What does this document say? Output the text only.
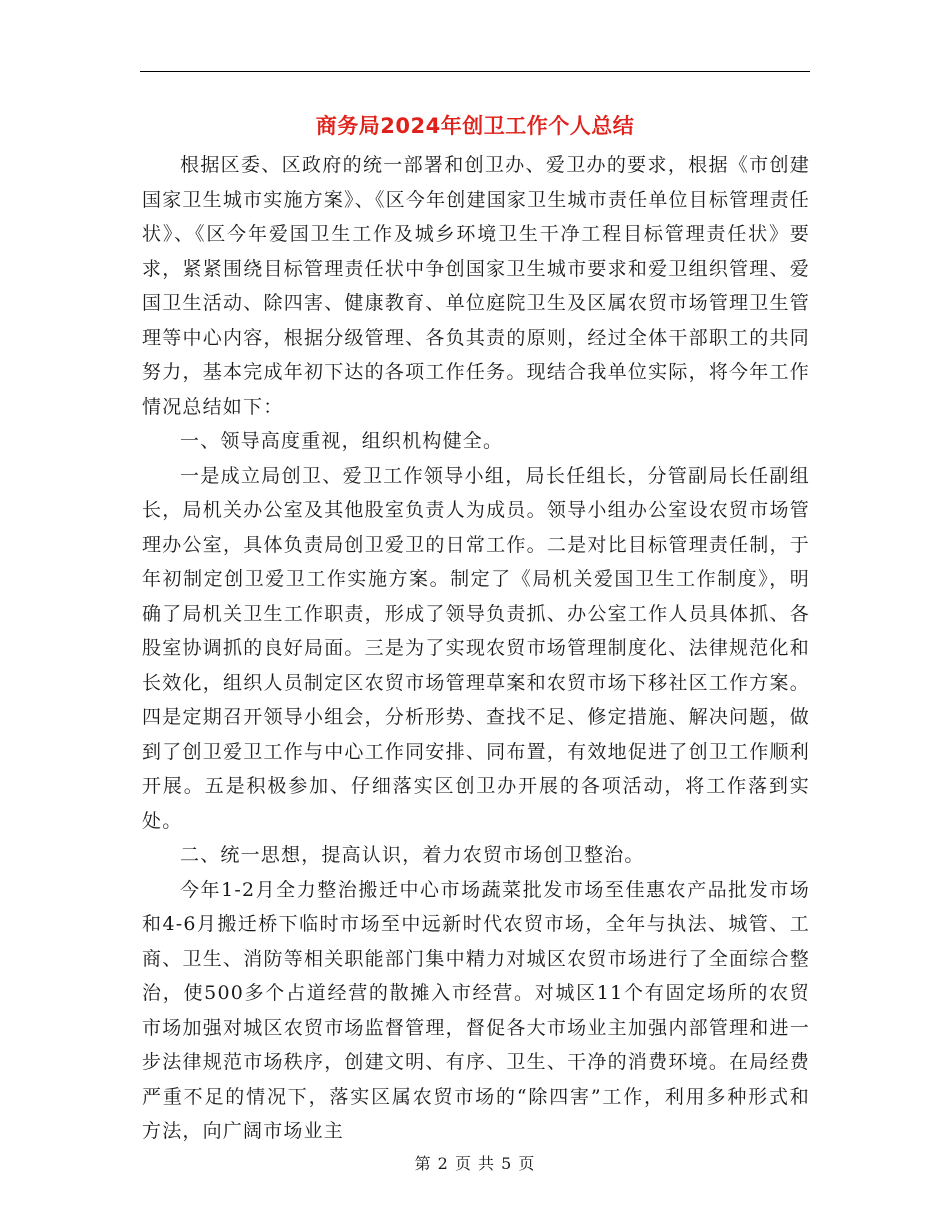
商务局2024年创卫工作个人总结

根据区委、区政府的统一部署和创卫办、爱卫办的要求，根据《市创建国家卫生城市实施方案》、《区今年创建国家卫生城市责任单位目标管理责任状》、《区今年爱国卫生工作及城乡环境卫生干净工程目标管理责任状》要求，紧紧围绕目标管理责任状中争创国家卫生城市要求和爱卫组织管理、爱国卫生活动、除四害、健康教育、单位庭院卫生及区属农贸市场管理卫生管理等中心内容，根据分级管理、各负其责的原则，经过全体干部职工的共同努力，基本完成年初下达的各项工作任务。现结合我单位实际，将今年工作情况总结如下：

一、领导高度重视，组织机构健全。

一是成立局创卫、爱卫工作领导小组，局长任组长，分管副局长任副组长，局机关办公室及其他股室负责人为成员。领导小组办公室设农贸市场管理办公室，具体负责局创卫爱卫的日常工作。二是对比目标管理责任制，于年初制定创卫爱卫工作实施方案。制定了《局机关爱国卫生工作制度》，明确了局机关卫生工作职责，形成了领导负责抓、办公室工作人员具体抓、各股室协调抓的良好局面。三是为了实现农贸市场管理制度化、法律规范化和长效化，组织人员制定区农贸市场管理草案和农贸市场下移社区工作方案。四是定期召开领导小组会，分析形势、查找不足、修定措施、解决问题，做到了创卫爱卫工作与中心工作同安排、同布置，有效地促进了创卫工作顺利开展。五是积极参加、仔细落实区创卫办开展的各项活动，将工作落到实处。

二、统一思想，提高认识，着力农贸市场创卫整治。

今年1-2月全力整治搬迁中心市场蔬菜批发市场至佳惠农产品批发市场和4-6月搬迁桥下临时市场至中远新时代农贸市场，全年与执法、城管、工商、卫生、消防等相关职能部门集中精力对城区农贸市场进行了全面综合整治，使500多个占道经营的散摊入市经营。对城区11个有固定场所的农贸市场加强对城区农贸市场监督管理，督促各大市场业主加强内部管理和进一步法律规范市场秩序，创建文明、有序、卫生、干净的消费环境。在局经费严重不足的情况下，落实区属农贸市场的“除四害”工作，利用多种形式和方法，向广阔市场业主

第 2 页 共 5 页
